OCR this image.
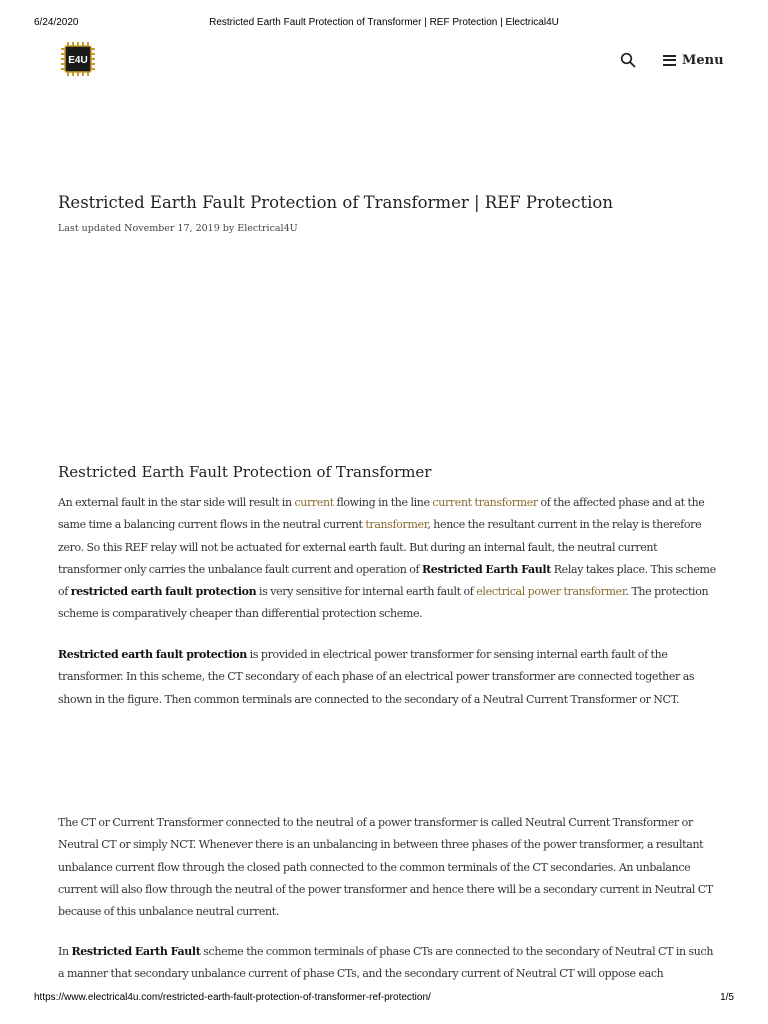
6/24/2020	Restricted Earth Fault Protection of Transformer | REF Protection | Electrical4U
E4U	Menu
Restricted Earth Fault Protection of Transformer | REF Protection
Last updated November 17, 2019 by Electrical4U
Restricted Earth Fault Protection of Transformer

An external fault in the star side will result in current flowing in the line current transformer of the affected phase and at the same time a balancing current flows in the neutral current transformer, hence the resultant current in the relay is therefore zero. So this REF relay will not be actuated for external earth fault. But during an internal fault, the neutral current transformer only carries the unbalance fault current and operation of Restricted Earth Fault Relay takes place. This scheme of restricted earth fault protection is very sensitive for internal earth fault of electrical power transformer. The protection scheme is comparatively cheaper than differential protection scheme.

Restricted earth fault protection is provided in electrical power transformer for sensing internal earth fault of the transformer. In this scheme, the CT secondary of each phase of an electrical power transformer are connected together as shown in the figure. Then common terminals are connected to the secondary of a Neutral Current Transformer or NCT.

The CT or Current Transformer connected to the neutral of a power transformer is called Neutral Current Transformer or Neutral CT or simply NCT. Whenever there is an unbalancing in between three phases of the power transformer, a resultant unbalance current flow through the closed path connected to the common terminals of the CT secondaries. An unbalance current will also flow through the neutral of the power transformer and hence there will be a secondary current in Neutral CT because of this unbalance neutral current.

In Restricted Earth Fault scheme the common terminals of phase CTs are connected to the secondary of Neutral CT in such a manner that secondary unbalance current of phase CTs, and the secondary current of Neutral CT will oppose each

https://www.electrical4u.com/restricted-earth-fault-protection-of-transformer-ref-protection/	1/5
